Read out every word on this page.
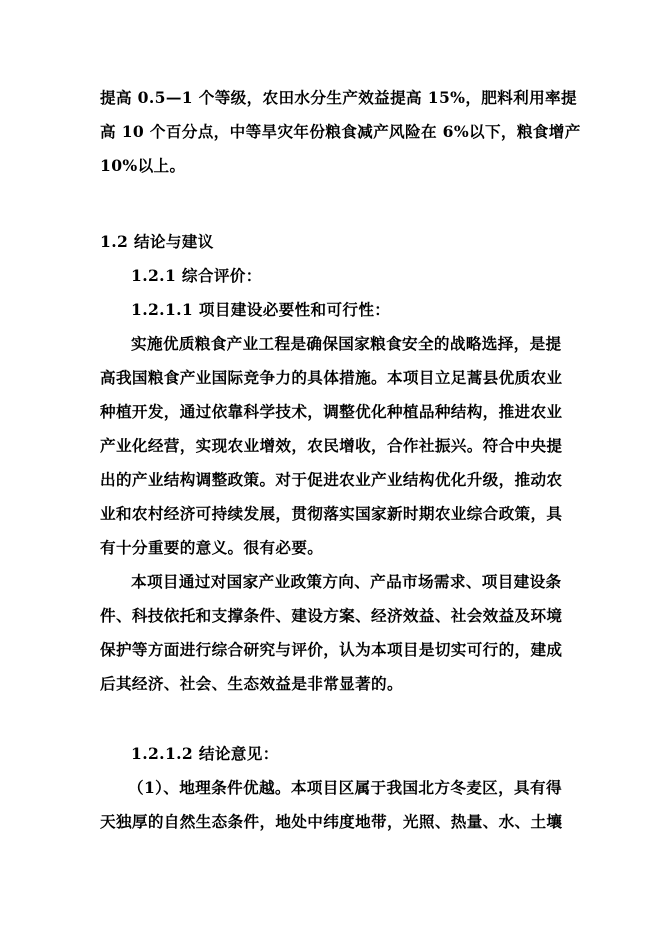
提高 0.5—1 个等级，农田水分生产效益提高 15%，肥料利用率提
高 10 个百分点，中等旱灾年份粮食减产风险在 6%以下，粮食增产
10%以上。
1.2 结论与建议
1.2.1 综合评价：
1.2.1.1 项目建设必要性和可行性：
实施优质粮食产业工程是确保国家粮食安全的战略选择，是提
高我国粮食产业国际竞争力的具体措施。本项目立足蒿县优质农业
种植开发，通过依靠科学技术，调整优化种植品种结构，推进农业
产业化经营，实现农业增效，农民增收，合作社振兴。符合中央提
出的产业结构调整政策。对于促进农业产业结构优化升级，推动农
业和农村经济可持续发展，贯彻落实国家新时期农业综合政策，具
有十分重要的意义。很有必要。
本项目通过对国家产业政策方向、产品市场需求、项目建设条
件、科技依托和支撑条件、建设方案、经济效益、社会效益及环境
保护等方面进行综合研究与评价，认为本项目是切实可行的，建成
后其经济、社会、生态效益是非常显著的。
1.2.1.2 结论意见：
（1）、地理条件优越。本项目区属于我国北方冬麦区，具有得
天独厚的自然生态条件，地处中纬度地带，光照、热量、水、土壤
